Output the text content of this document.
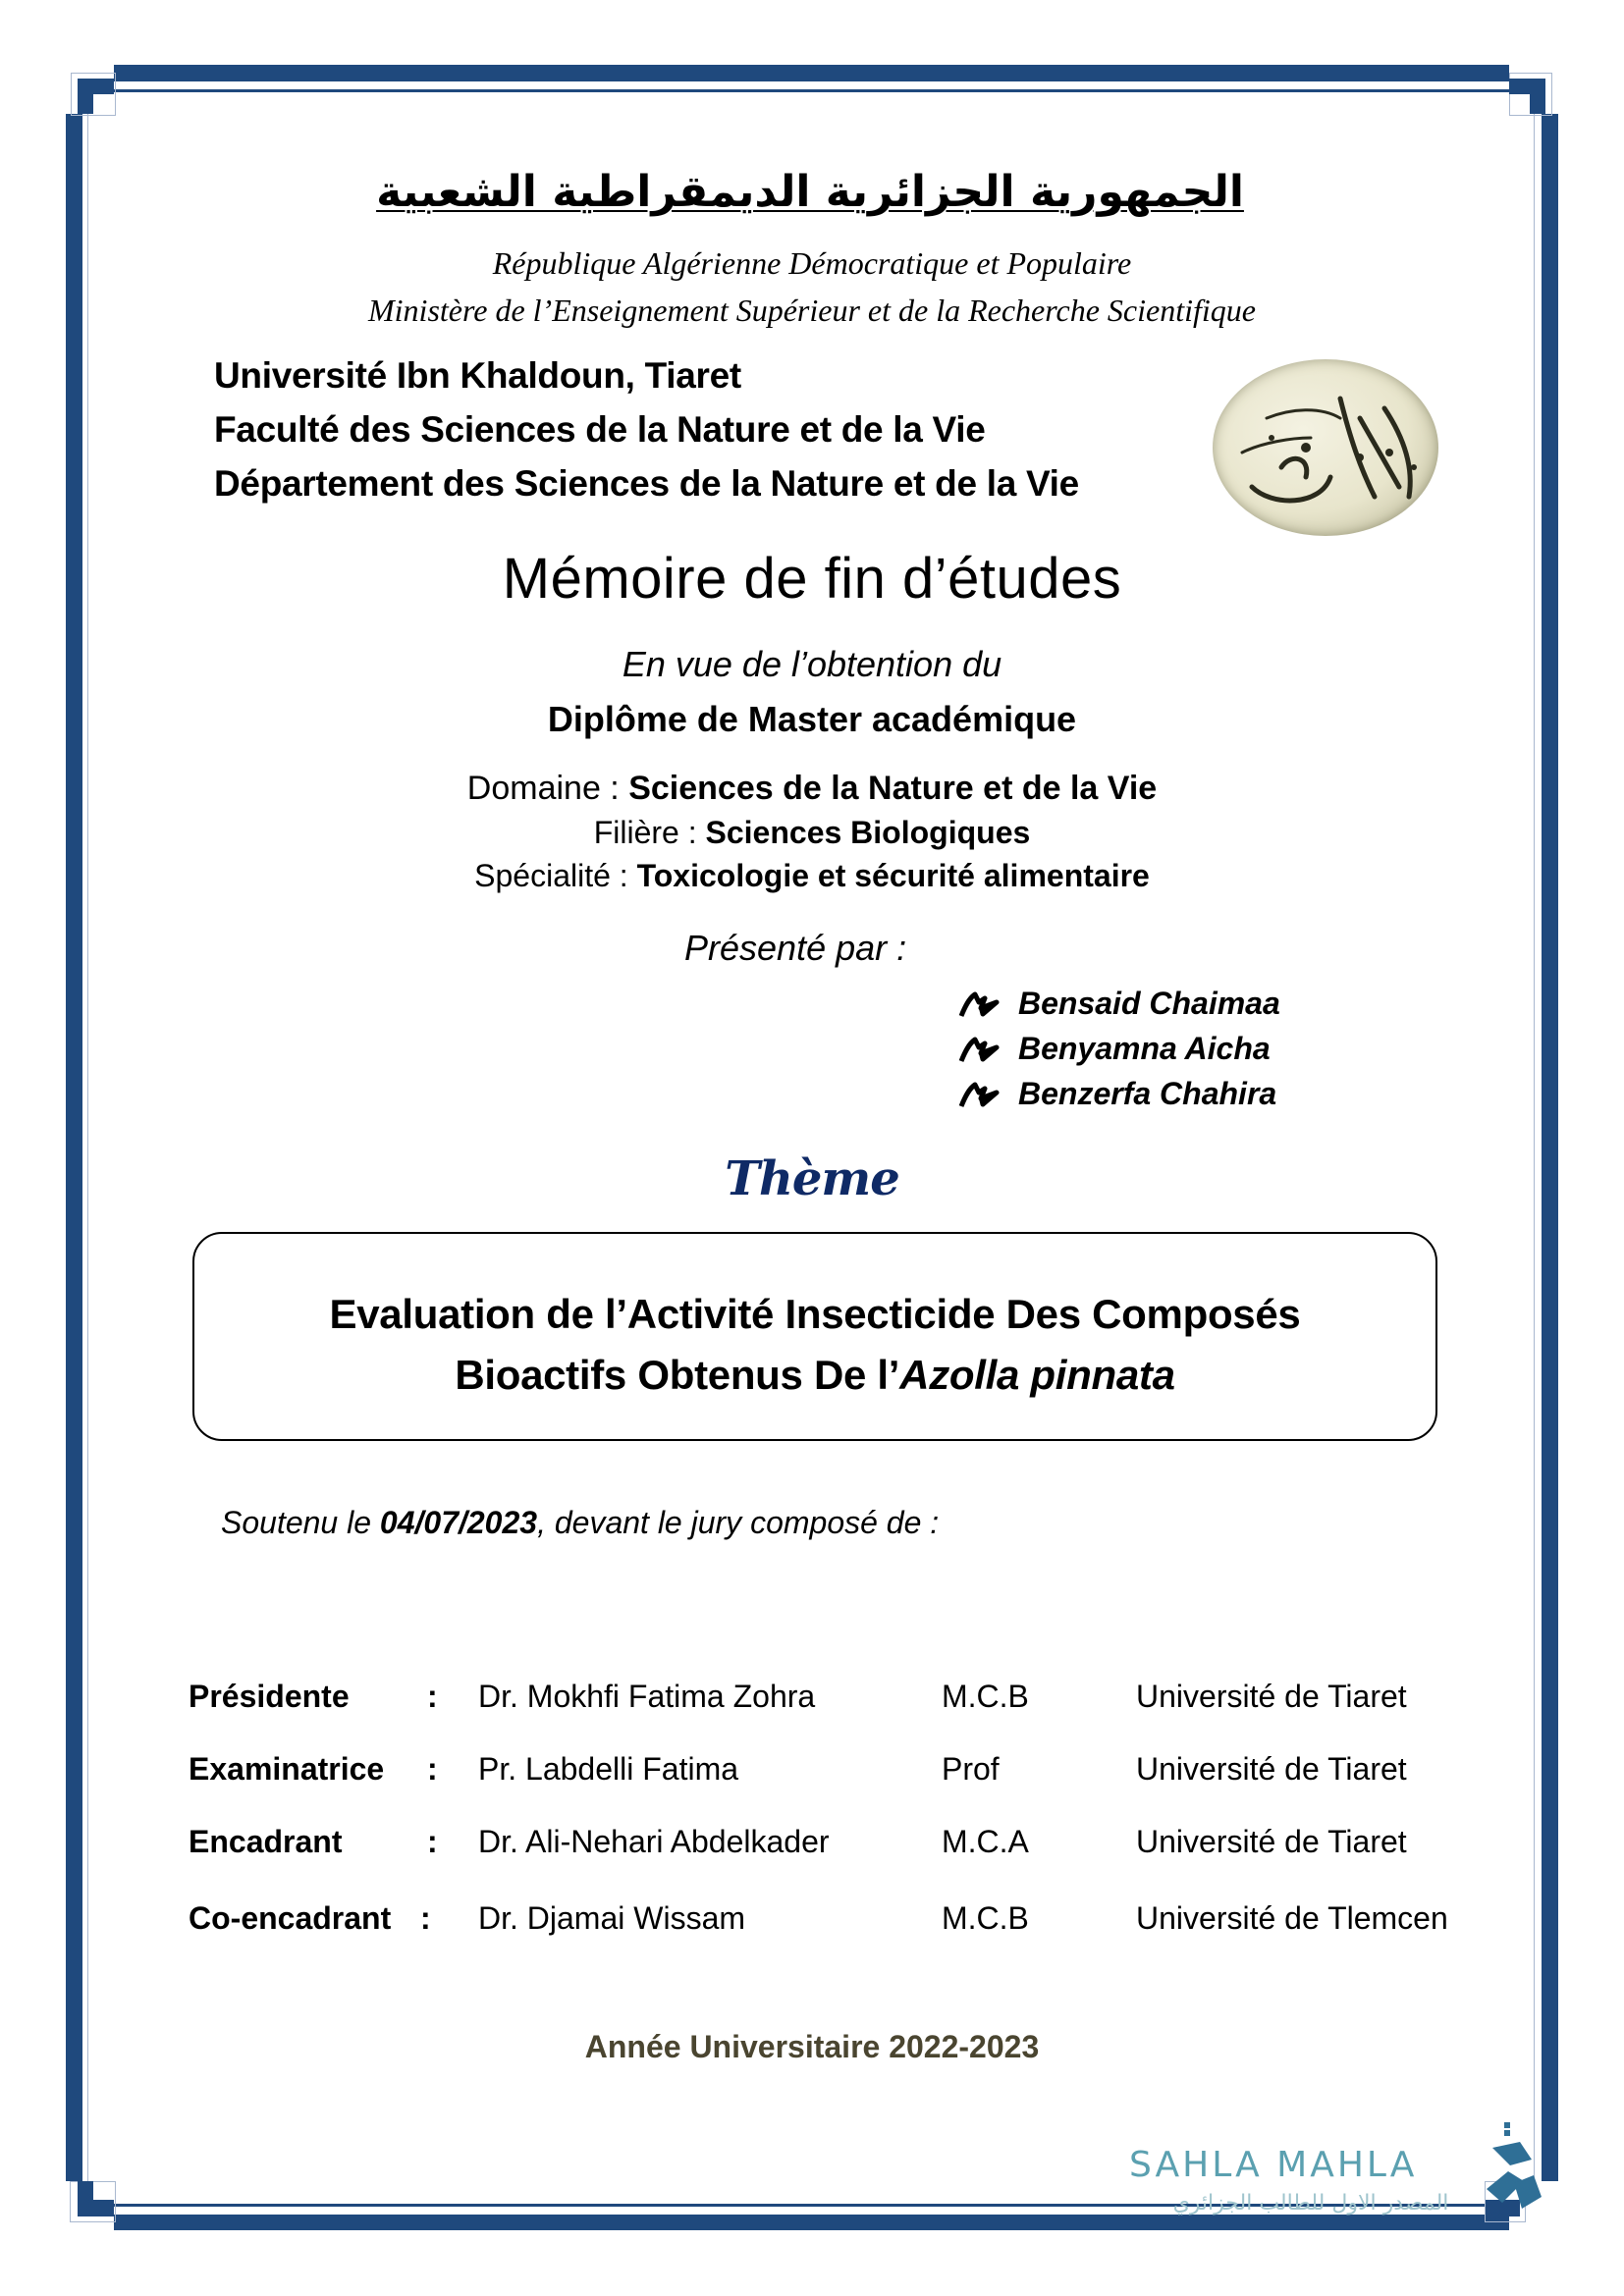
الجمهورية الجزائرية الديمقراطية الشعبية
République Algérienne Démocratique et Populaire
Ministère de l’Enseignement Supérieur et de la Recherche Scientifique
Université Ibn Khaldoun, Tiaret
Faculté des Sciences de la Nature et de la Vie
Département des Sciences de la Nature et de la Vie
Mémoire de fin d’études
En vue de l’obtention du
Diplôme de Master académique
Domaine : Sciences de la Nature et de la Vie
Filière : Sciences Biologiques
Spécialité : Toxicologie et sécurité alimentaire
Présenté par :
Bensaid Chaimaa
Benyamna Aicha
Benzerfa Chahira
Thème
Evaluation de l’Activité Insecticide Des Composés
Bioactifs Obtenus De l’Azolla pinnata
Soutenu le 04/07/2023, devant le jury composé de :
Présidente : Dr. Mokhfi Fatima Zohra	M.C.B	Université de Tiaret
Examinatrice : Pr. Labdelli Fatima	Prof	Université de Tiaret
Encadrant	: Dr. Ali-Nehari Abdelkader	M.C.A	Université de Tiaret
Co-encadrant : Dr. Djamai Wissam	M.C.B	Université de Tlemcen
Année Universitaire 2022-2023
SAHLA MAHLA
المصدر الاول للطالب الجزائري
